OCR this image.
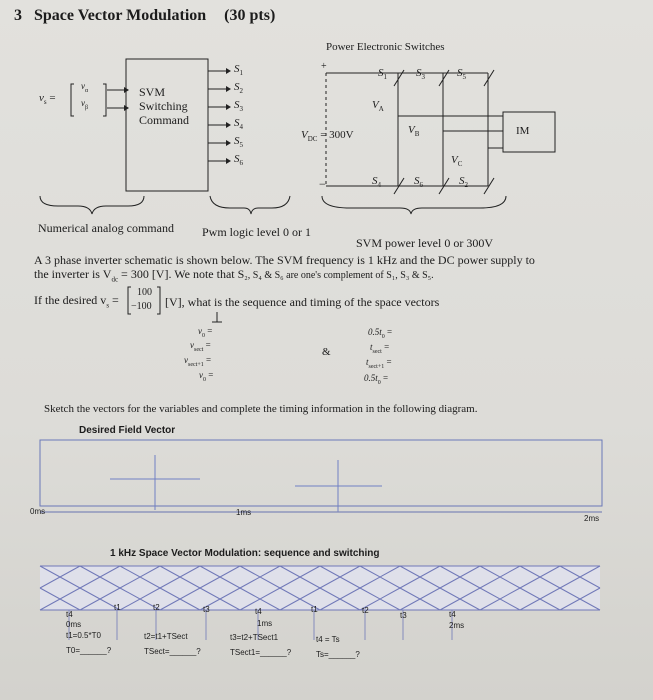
3 Space Vector Modulation (30 pts)
Power Electronic Switches
+
−
$v_s$ =
$v_\alpha$
$v_\beta$
SVM
Switching
Command
$S_1$
$S_2$
$S_3$
$S_4$
$S_5$
$S_6$
$S_1$	$S_3$	$S_5$
$S_4$	$S_6$	$S_2$
$V_A$
$V_B$
$V_C$
$V_{DC} = 300V$	IM
Numerical analog command Pwm logic level 0 or 1
SVM power level 0 or 300V
A 3 phase inverter schematic is shown below. The SVM frequency is 1 kHz and the DC power supply to
the inverter is $V_{dc} = 300$ [V]. We note that S₂, S₄ & S₆ are one's complement of S₁, S₃ & S₅.
If the desired $v_s$ =
100
−100 [V], what is the sequence and timing of the space vectors
$v_0$ =
$v_{sect}$ =
$v_{sect+1}$ =
$v_0$ =
&
$0.5t_0$ =
$t_{sect}$ =
$t_{sect+1}$ =
$0.5t_0$ =
Sketch the vectors for the variables and complete the timing information in the following diagram.
Desired Field Vector
0ms	1ms
2ms
1 kHz Space Vector Modulation: sequence and switching
t4
t1	t2	t3	t4	t1	t2
t3	t4
0ms	1ms	2ms
t1=0.5*T0	t2=t1+TSect	t3=t2+TSect1	t4 = Ts
T0=______?	TSect=______?	TSect1=______?	Ts=______?
